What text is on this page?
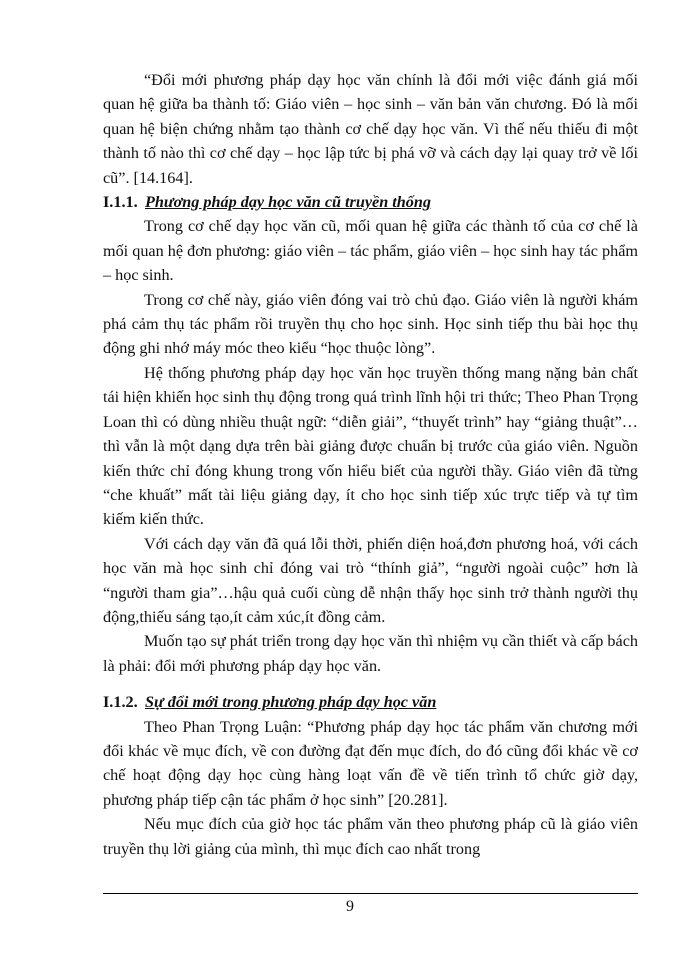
“Đổi mới phương pháp dạy học văn chính là đổi mới việc đánh giá mối quan hệ giữa ba thành tố: Giáo viên – học sinh – văn bản văn chương. Đó là mối quan hệ biện chứng nhằm tạo thành cơ chế dạy học văn. Vì thế nếu thiếu đi một thành tố nào thì cơ chế dạy – học lập tức bị phá vỡ và cách dạy lại quay trở về lối cũ”. [14.164].

I.1.1. Phương pháp dạy học văn cũ truyền thống

Trong cơ chế dạy học văn cũ, mối quan hệ giữa các thành tố của cơ chế là mối quan hệ đơn phương: giáo viên – tác phẩm, giáo viên – học sinh hay tác phẩm – học sinh.

Trong cơ chế này, giáo viên đóng vai trò chủ đạo. Giáo viên là người khám phá cảm thụ tác phẩm rồi truyền thụ cho học sinh. Học sinh tiếp thu bài học thụ động ghi nhớ máy móc theo kiểu “học thuộc lòng”.

Hệ thống phương pháp dạy học văn học truyền thống mang nặng bản chất tái hiện khiến học sinh thụ động trong quá trình lĩnh hội tri thức; Theo Phan Trọng Loan thì có dùng nhiều thuật ngữ: “diễn giải”, “thuyết trình” hay “giảng thuật”… thì vẫn là một dạng dựa trên bài giảng được chuẩn bị trước của giáo viên. Nguồn kiến thức chỉ đóng khung trong vốn hiểu biết của người thầy. Giáo viên đã từng “che khuất” mất tài liệu giảng dạy, ít cho học sinh tiếp xúc trực tiếp và tự tìm kiếm kiến thức.

Với cách dạy văn đã quá lỗi thời, phiến diện hoá,đơn phương hoá, với cách học văn mà học sinh chỉ đóng vai trò “thính giả”, “người ngoài cuộc” hơn là “người tham gia”…hậu quả cuối cùng dễ nhận thấy học sinh trở thành người thụ động,thiếu sáng tạo,ít cảm xúc,ít đồng cảm.

Muốn tạo sự phát triển trong dạy học văn thì nhiệm vụ cần thiết và cấp bách là phải: đổi mới phương pháp dạy học văn.

I.1.2. Sự đổi mới trong phương pháp dạy học văn

Theo Phan Trọng Luận: “Phương pháp dạy học tác phẩm văn chương mới đổi khác về mục đích, về con đường đạt đến mục đích, do đó cũng đổi khác về cơ chế hoạt động dạy học cùng hàng loạt vấn đề về tiến trình tổ chức giờ dạy, phương pháp tiếp cận tác phẩm ở học sinh” [20.281].

Nếu mục đích của giờ học tác phẩm văn theo phương pháp cũ là giáo viên truyền thụ lời giảng của mình, thì mục đích cao nhất trong

9
